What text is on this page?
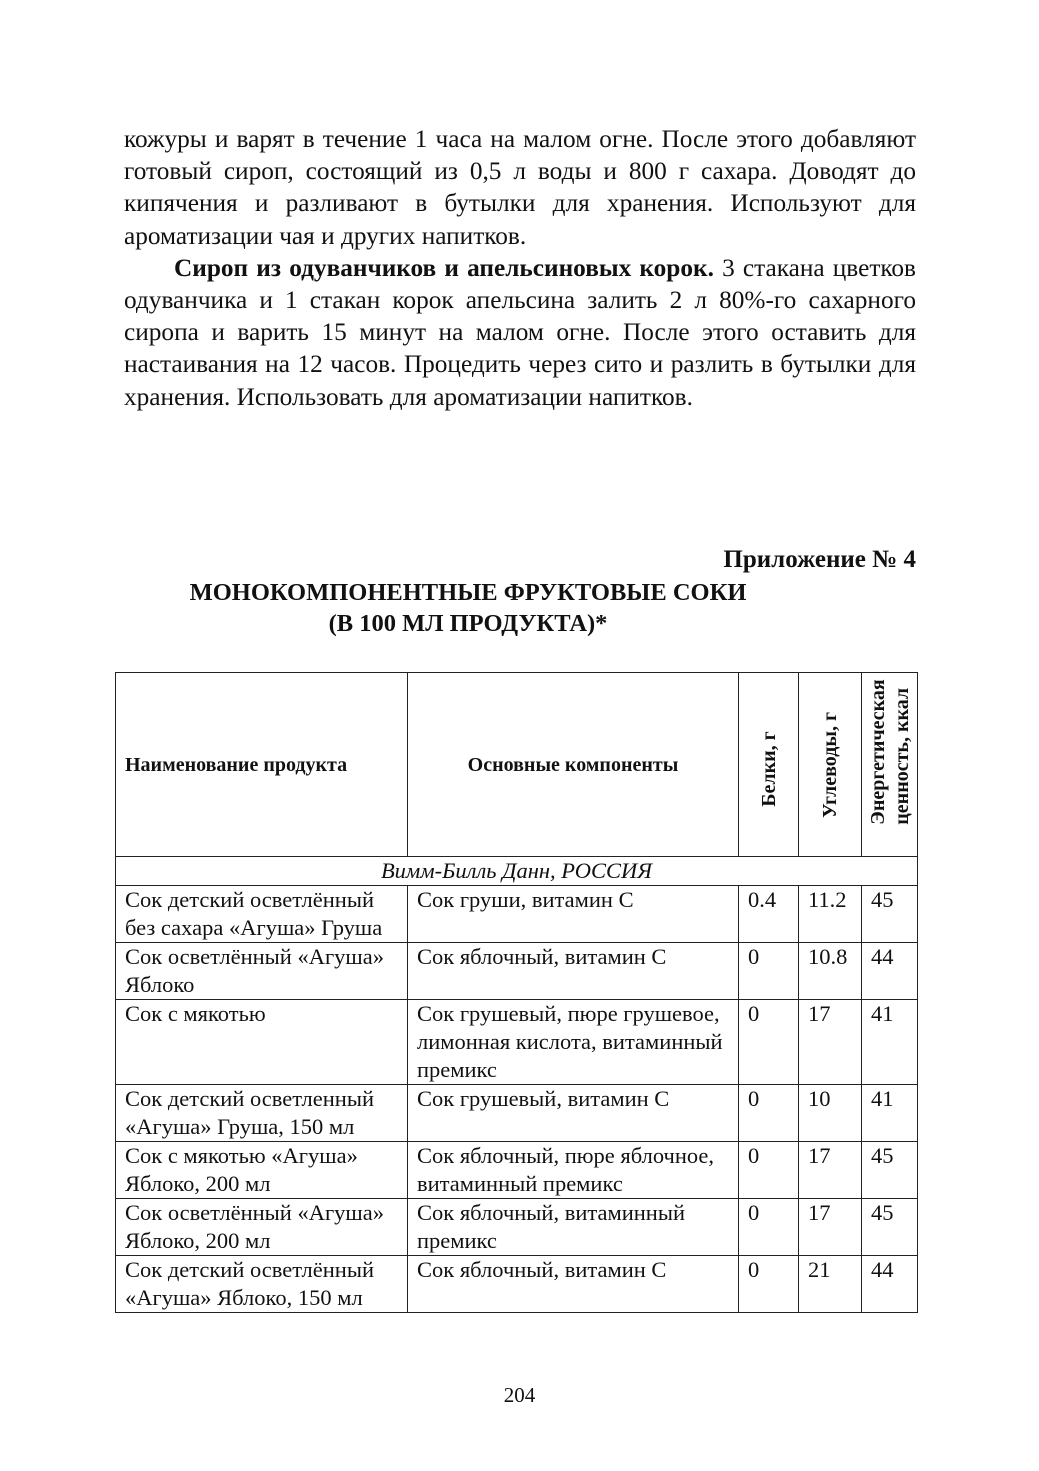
кожуры и варят в течение 1 часа на малом огне. После этого добавляют готовый сироп, состоящий из 0,5 л воды и 800 г сахара. Доводят до кипячения и разливают в бутылки для хранения. Используют для ароматизации чая и других напитков.

Сироп из одуванчиков и апельсиновых корок. 3 стакана цветков одуванчика и 1 стакан корок апельсина залить 2 л 80%-го сахарного сиропа и варить 15 минут на малом огне. После этого оставить для настаивания на 12 часов. Процедить через сито и разлить в бутылки для хранения. Использовать для ароматизации напитков.

Приложение № 4
МОНОКОМПОНЕНТНЫЕ ФРУКТОВЫЕ СОКИ
(В 100 МЛ ПРОДУКТА)*
Наименование продукта	Основные компоненты	Белки, г	Углеводы, г	Энергетическая ценность, ккал

Вимм-Билль Данн, РОССИЯ				
Сок детский осветлённый без сахара «Агуша» Груша	Сок груши, витамин С	0.4	11.2	45
Сок осветлённый «Агуша» Яблоко	Сок яблочный, витамин С	0	10.8	44
Сок с мякотью	Сок грушевый, пюре грушевое, лимонная кислота, витаминный премикс	0	17	41
Сок детский осветленный «Агуша» Груша, 150 мл	Сок грушевый, витамин С	0	10	41
Сок с мякотью «Агуша» Яблоко, 200 мл	Сок яблочный, пюре яблочное, витаминный премикс	0	17	45
Сок осветлённый «Агуша» Яблоко, 200 мл	Сок яблочный, витаминный премикс	0	17	45
Сок детский осветлённый «Агуша» Яблоко, 150 мл	Сок яблочный, витамин С	0	21	44
204
